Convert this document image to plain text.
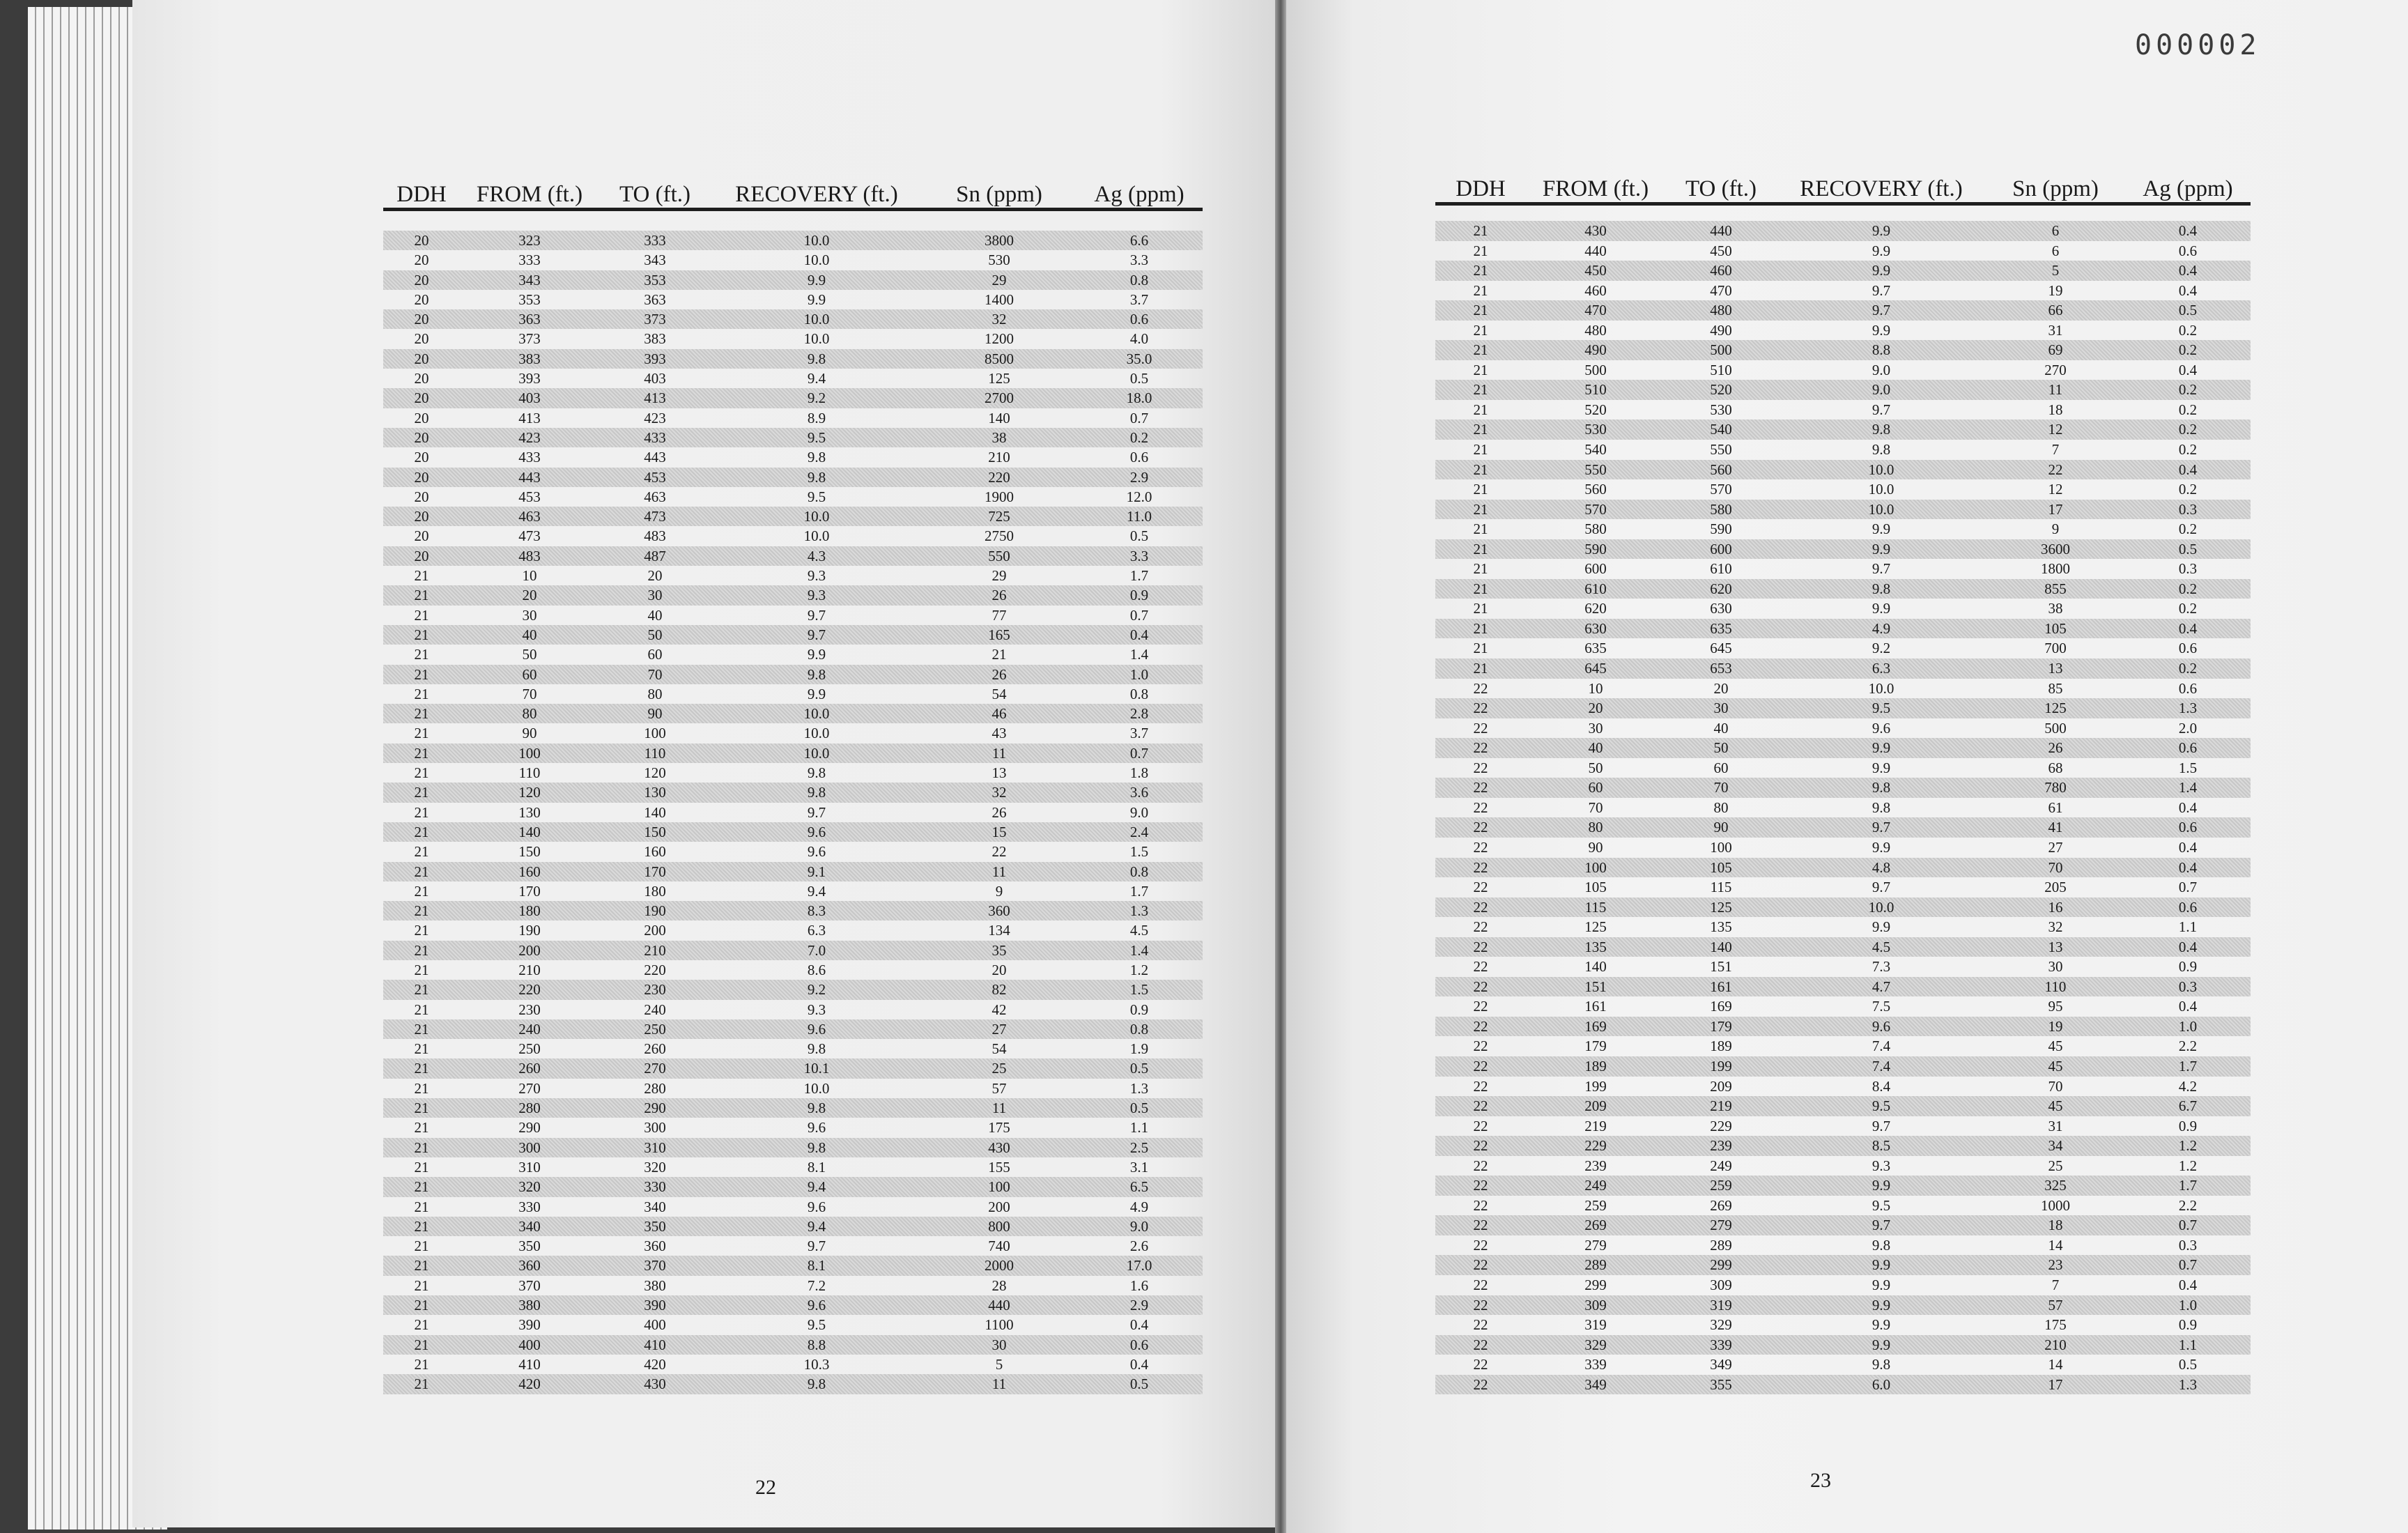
DDH	FROM (ft.)	TO (ft.)	RECOVERY (ft.)	Sn (ppm)	Ag (ppm)
20	323	333	10.0	3800	6.6
20	333	343	10.0	530	3.3
20	343	353	9.9	29	0.8
20	353	363	9.9	1400	3.7
20	363	373	10.0	32	0.6
20	373	383	10.0	1200	4.0
20	383	393	9.8	8500	35.0
20	393	403	9.4	125	0.5
20	403	413	9.2	2700	18.0
20	413	423	8.9	140	0.7
20	423	433	9.5	38	0.2
20	433	443	9.8	210	0.6
20	443	453	9.8	220	2.9
20	453	463	9.5	1900	12.0
20	463	473	10.0	725	11.0
20	473	483	10.0	2750	0.5
20	483	487	4.3	550	3.3
21	10	20	9.3	29	1.7
21	20	30	9.3	26	0.9
21	30	40	9.7	77	0.7
21	40	50	9.7	165	0.4
21	50	60	9.9	21	1.4
21	60	70	9.8	26	1.0
21	70	80	9.9	54	0.8
21	80	90	10.0	46	2.8
21	90	100	10.0	43	3.7
21	100	110	10.0	11	0.7
21	110	120	9.8	13	1.8
21	120	130	9.8	32	3.6
21	130	140	9.7	26	9.0
21	140	150	9.6	15	2.4
21	150	160	9.6	22	1.5
21	160	170	9.1	11	0.8
21	170	180	9.4	9	1.7
21	180	190	8.3	360	1.3
21	190	200	6.3	134	4.5
21	200	210	7.0	35	1.4
21	210	220	8.6	20	1.2
21	220	230	9.2	82	1.5
21	230	240	9.3	42	0.9
21	240	250	9.6	27	0.8
21	250	260	9.8	54	1.9
21	260	270	10.1	25	0.5
21	270	280	10.0	57	1.3
21	280	290	9.8	11	0.5
21	290	300	9.6	175	1.1
21	300	310	9.8	430	2.5
21	310	320	8.1	155	3.1
21	320	330	9.4	100	6.5
21	330	340	9.6	200	4.9
21	340	350	9.4	800	9.0
21	350	360	9.7	740	2.6
21	360	370	8.1	2000	17.0
21	370	380	7.2	28	1.6
21	380	390	9.6	440	2.9
21	390	400	9.5	1100	0.4
21	400	410	8.8	30	0.6
21	410	420	10.3	5	0.4
21	420	430	9.8	11	0.5
22
000002
DDH	FROM (ft.)	TO (ft.)	RECOVERY (ft.)	Sn (ppm)	Ag (ppm)
21	430	440	9.9	6	0.4
21	440	450	9.9	6	0.6
21	450	460	9.9	5	0.4
21	460	470	9.7	19	0.4
21	470	480	9.7	66	0.5
21	480	490	9.9	31	0.2
21	490	500	8.8	69	0.2
21	500	510	9.0	270	0.4
21	510	520	9.0	11	0.2
21	520	530	9.7	18	0.2
21	530	540	9.8	12	0.2
21	540	550	9.8	7	0.2
21	550	560	10.0	22	0.4
21	560	570	10.0	12	0.2
21	570	580	10.0	17	0.3
21	580	590	9.9	9	0.2
21	590	600	9.9	3600	0.5
21	600	610	9.7	1800	0.3
21	610	620	9.8	855	0.2
21	620	630	9.9	38	0.2
21	630	635	4.9	105	0.4
21	635	645	9.2	700	0.6
21	645	653	6.3	13	0.2
22	10	20	10.0	85	0.6
22	20	30	9.5	125	1.3
22	30	40	9.6	500	2.0
22	40	50	9.9	26	0.6
22	50	60	9.9	68	1.5
22	60	70	9.8	780	1.4
22	70	80	9.8	61	0.4
22	80	90	9.7	41	0.6
22	90	100	9.9	27	0.4
22	100	105	4.8	70	0.4
22	105	115	9.7	205	0.7
22	115	125	10.0	16	0.6
22	125	135	9.9	32	1.1
22	135	140	4.5	13	0.4
22	140	151	7.3	30	0.9
22	151	161	4.7	110	0.3
22	161	169	7.5	95	0.4
22	169	179	9.6	19	1.0
22	179	189	7.4	45	2.2
22	189	199	7.4	45	1.7
22	199	209	8.4	70	4.2
22	209	219	9.5	45	6.7
22	219	229	9.7	31	0.9
22	229	239	8.5	34	1.2
22	239	249	9.3	25	1.2
22	249	259	9.9	325	1.7
22	259	269	9.5	1000	2.2
22	269	279	9.7	18	0.7
22	279	289	9.8	14	0.3
22	289	299	9.9	23	0.7
22	299	309	9.9	7	0.4
22	309	319	9.9	57	1.0
22	319	329	9.9	175	0.9
22	329	339	9.9	210	1.1
22	339	349	9.8	14	0.5
22	349	355	6.0	17	1.3
23
